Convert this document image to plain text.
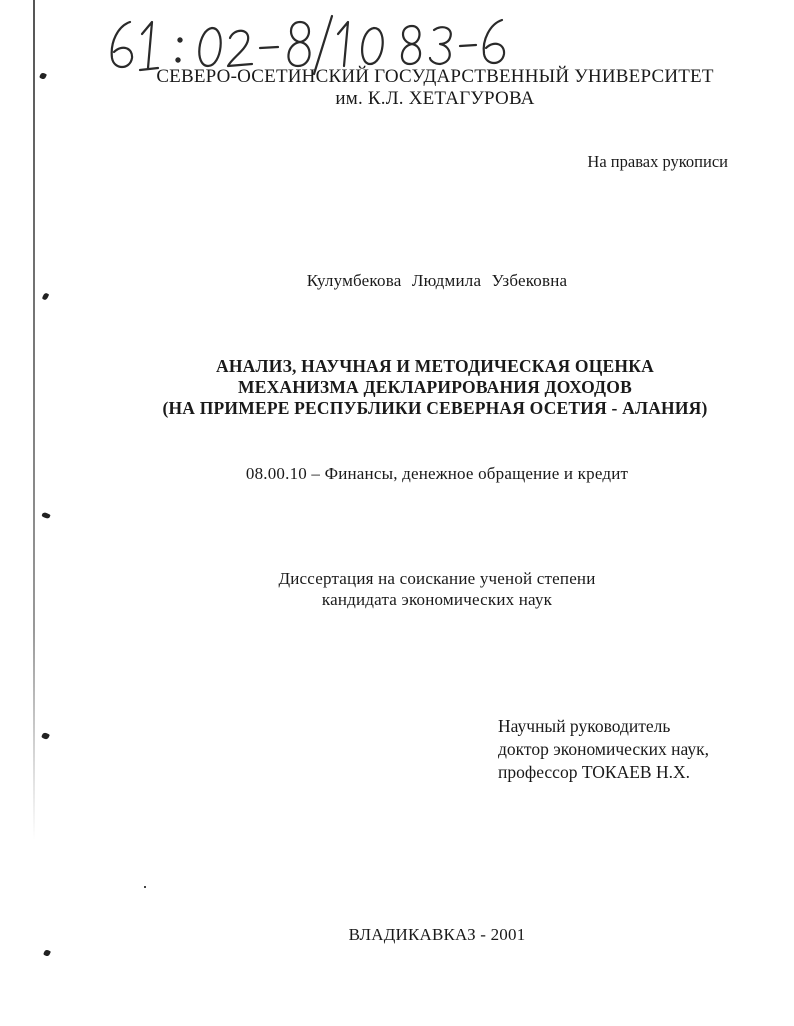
СЕВЕРО-ОСЕТИНСКИЙ ГОСУДАРСТВЕННЫЙ УНИВЕРСИТЕТ
им. К.Л. ХЕТАГУРОВА
На правах рукописи
Кулумбекова Людмила Узбековна
АНАЛИЗ, НАУЧНАЯ И МЕТОДИЧЕСКАЯ ОЦЕНКА
МЕХАНИЗМА ДЕКЛАРИРОВАНИЯ ДОХОДОВ
(НА ПРИМЕРЕ РЕСПУБЛИКИ СЕВЕРНАЯ ОСЕТИЯ - АЛАНИЯ)
08.00.10 – Финансы, денежное обращение и кредит
Диссертация на соискание ученой степени
кандидата экономических наук
Научный руководитель
доктор экономических наук,
профессор ТОКАЕВ Н.Х.
ВЛАДИКАВКАЗ - 2001
